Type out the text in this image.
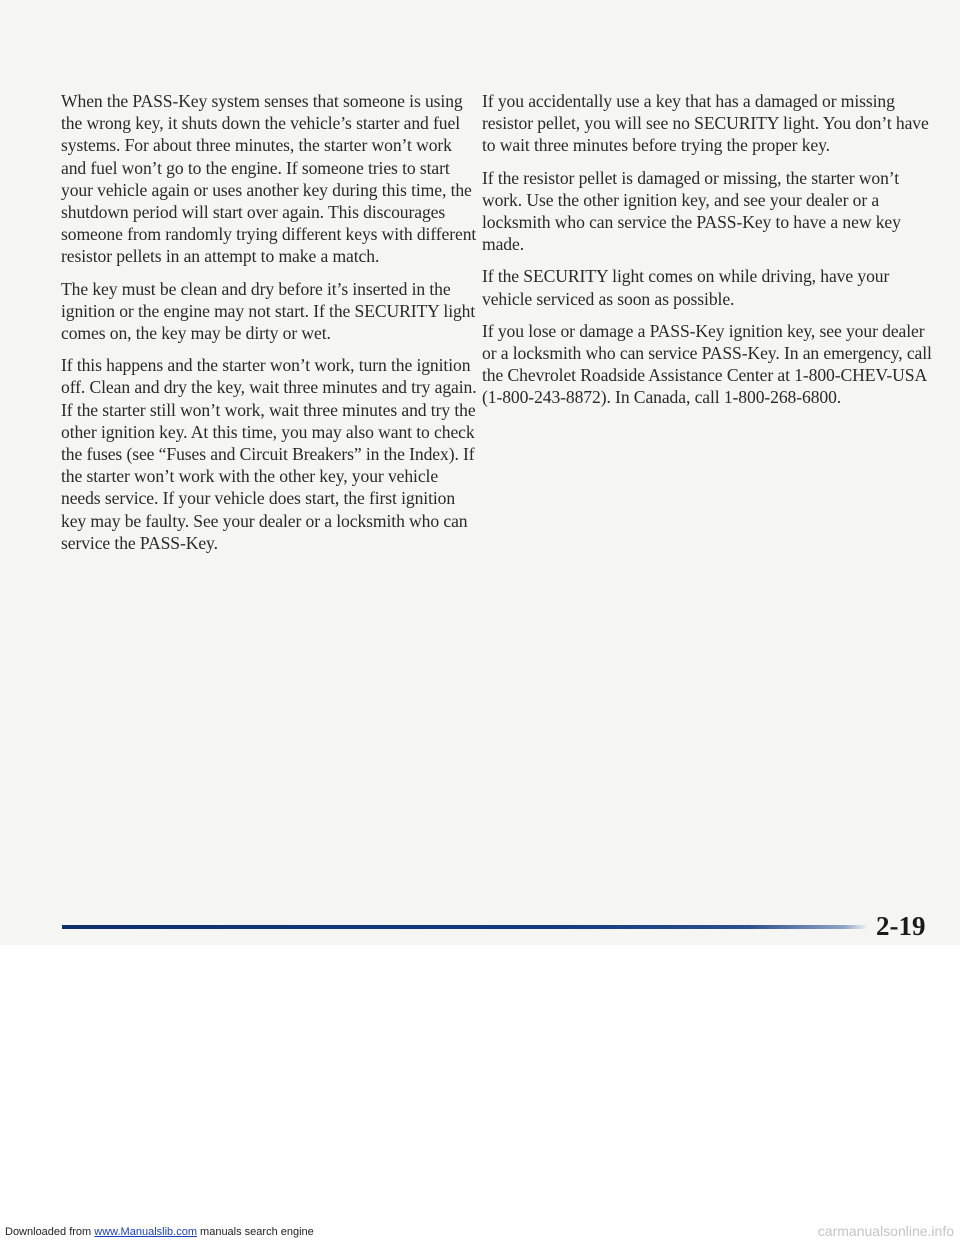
When the PASS-Key system senses that someone is using the wrong key, it shuts down the vehicle’s starter and fuel systems. For about three minutes, the starter won’t work and fuel won’t go to the engine. If someone tries to start your vehicle again or uses another key during this time, the shutdown period will start over again. This discourages someone from randomly trying different keys with different resistor pellets in an attempt to make a match.

The key must be clean and dry before it’s inserted in the ignition or the engine may not start. If the SECURITY light comes on, the key may be dirty or wet.

If this happens and the starter won’t work, turn the ignition off. Clean and dry the key, wait three minutes and try again. If the starter still won’t work, wait three minutes and try the other ignition key. At this time, you may also want to check the fuses (see “Fuses and Circuit Breakers” in the Index). If the starter won’t work with the other key, your vehicle needs service. If your vehicle does start, the first ignition key may be faulty. See your dealer or a locksmith who can service the PASS-Key.

If you accidentally use a key that has a damaged or missing resistor pellet, you will see no SECURITY light. You don’t have to wait three minutes before trying the proper key.

If the resistor pellet is damaged or missing, the starter won’t work. Use the other ignition key, and see your dealer or a locksmith who can service the PASS-Key to have a new key made.

If the SECURITY light comes on while driving, have your vehicle serviced as soon as possible.

If you lose or damage a PASS-Key ignition key, see your dealer or a locksmith who can service PASS-Key. In an emergency, call the Chevrolet Roadside Assistance Center at 1-800-CHEV-USA (1-800-243-8872). In Canada, call 1-800-268-6800.

2-19
Downloaded from www.Manualslib.com manuals search engine	carmanualsonline.info
